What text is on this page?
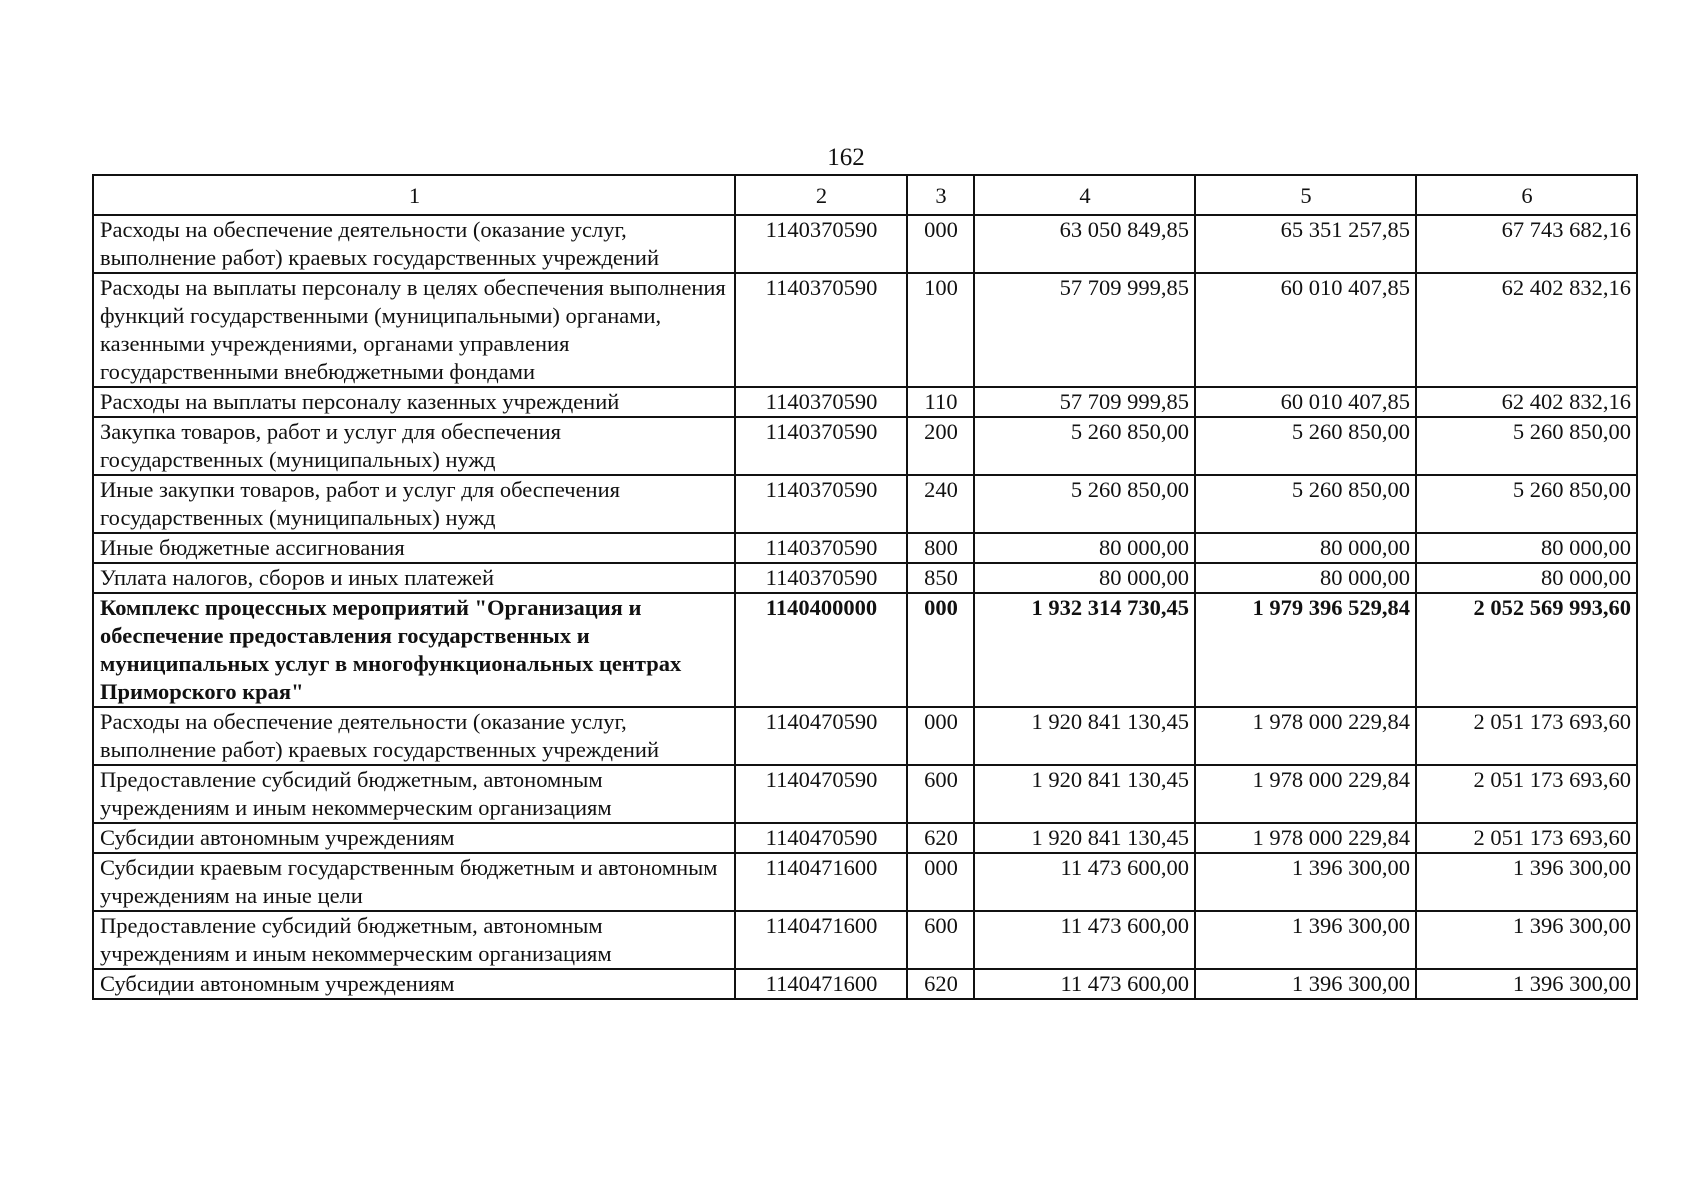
162
1	2	3	4	5	6
Расходы на обеспечение деятельности (оказание услуг, выполнение работ) краевых государственных учреждений	1140370590	000	63 050 849,85	65 351 257,85	67 743 682,16
Расходы на выплаты персоналу в целях обеспечения выполнения функций государственными (муниципальными) органами, казенными учреждениями, органами управления государственными внебюджетными фондами	1140370590	100	57 709 999,85	60 010 407,85	62 402 832,16
Расходы на выплаты персоналу казенных учреждений	1140370590	110	57 709 999,85	60 010 407,85	62 402 832,16
Закупка товаров, работ и услуг для обеспечения государственных (муниципальных) нужд	1140370590	200	5 260 850,00	5 260 850,00	5 260 850,00
Иные закупки товаров, работ и услуг для обеспечения государственных (муниципальных) нужд	1140370590	240	5 260 850,00	5 260 850,00	5 260 850,00
Иные бюджетные ассигнования	1140370590	800	80 000,00	80 000,00	80 000,00
Уплата налогов, сборов и иных платежей	1140370590	850	80 000,00	80 000,00	80 000,00
Комплекс процессных мероприятий "Организация и обеспечение предоставления государственных и муниципальных услуг в многофункциональных центрах Приморского края"	1140400000	000	1 932 314 730,45	1 979 396 529,84	2 052 569 993,60
Расходы на обеспечение деятельности (оказание услуг, выполнение работ) краевых государственных учреждений	1140470590	000	1 920 841 130,45	1 978 000 229,84	2 051 173 693,60
Предоставление субсидий бюджетным, автономным учреждениям и иным некоммерческим организациям	1140470590	600	1 920 841 130,45	1 978 000 229,84	2 051 173 693,60
Субсидии автономным учреждениям	1140470590	620	1 920 841 130,45	1 978 000 229,84	2 051 173 693,60
Субсидии краевым государственным бюджетным и автономным учреждениям на иные цели	1140471600	000	11 473 600,00	1 396 300,00	1 396 300,00
Предоставление субсидий бюджетным, автономным учреждениям и иным некоммерческим организациям	1140471600	600	11 473 600,00	1 396 300,00	1 396 300,00
Субсидии автономным учреждениям	1140471600	620	11 473 600,00	1 396 300,00	1 396 300,00
